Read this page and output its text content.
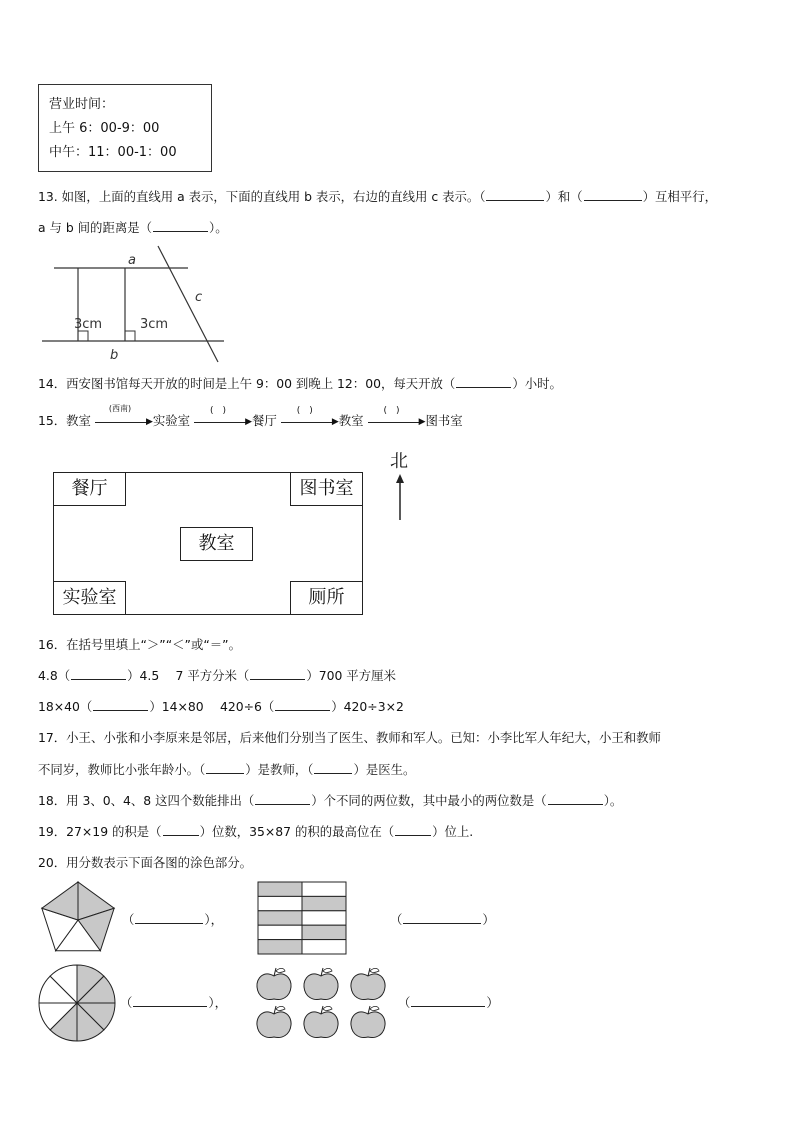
营业时间：
上午 6：00-9：00
中午：11：00-1：00
13. 如图，上面的直线用 a 表示，下面的直线用 b 表示，右边的直线用 c 表示。（	）和（	）互相平行，
a 与 b 间的距离是（	）。
a
b
c
3cm	3cm
14．西安图书馆每天开放的时间是上午 9：00 到晚上 12：00，每天开放（	）小时。
15．教室
(西南)
▶ 实验室
(　)
▶ 餐厅
(　)
▶ 教室
(　)
▶ 图书室
餐厅	图书室
教室
实验室	厕所
北
16．在括号里填上“＞”“＜”或“＝”。
4.8（	）4.5　 7 平方分米（	）700 平方厘米
18×40（	）14×80　 420÷6（	）420÷3×2
17．小王、小张和小李原来是邻居，后来他们分别当了医生、教师和军人。已知：小李比军人年纪大，小王和教师
不同岁，教师比小张年龄小。（	）是教师，（	）是医生。
18．用 3、0、4、8 这四个数能排出（	）个不同的两位数，其中最小的两位数是（	）。
19．27×19 的积是（	）位数，35×87 的积的最高位在（	）位上.
20．用分数表示下面各图的涂色部分。
（	），	（	）
（	），	（	）
